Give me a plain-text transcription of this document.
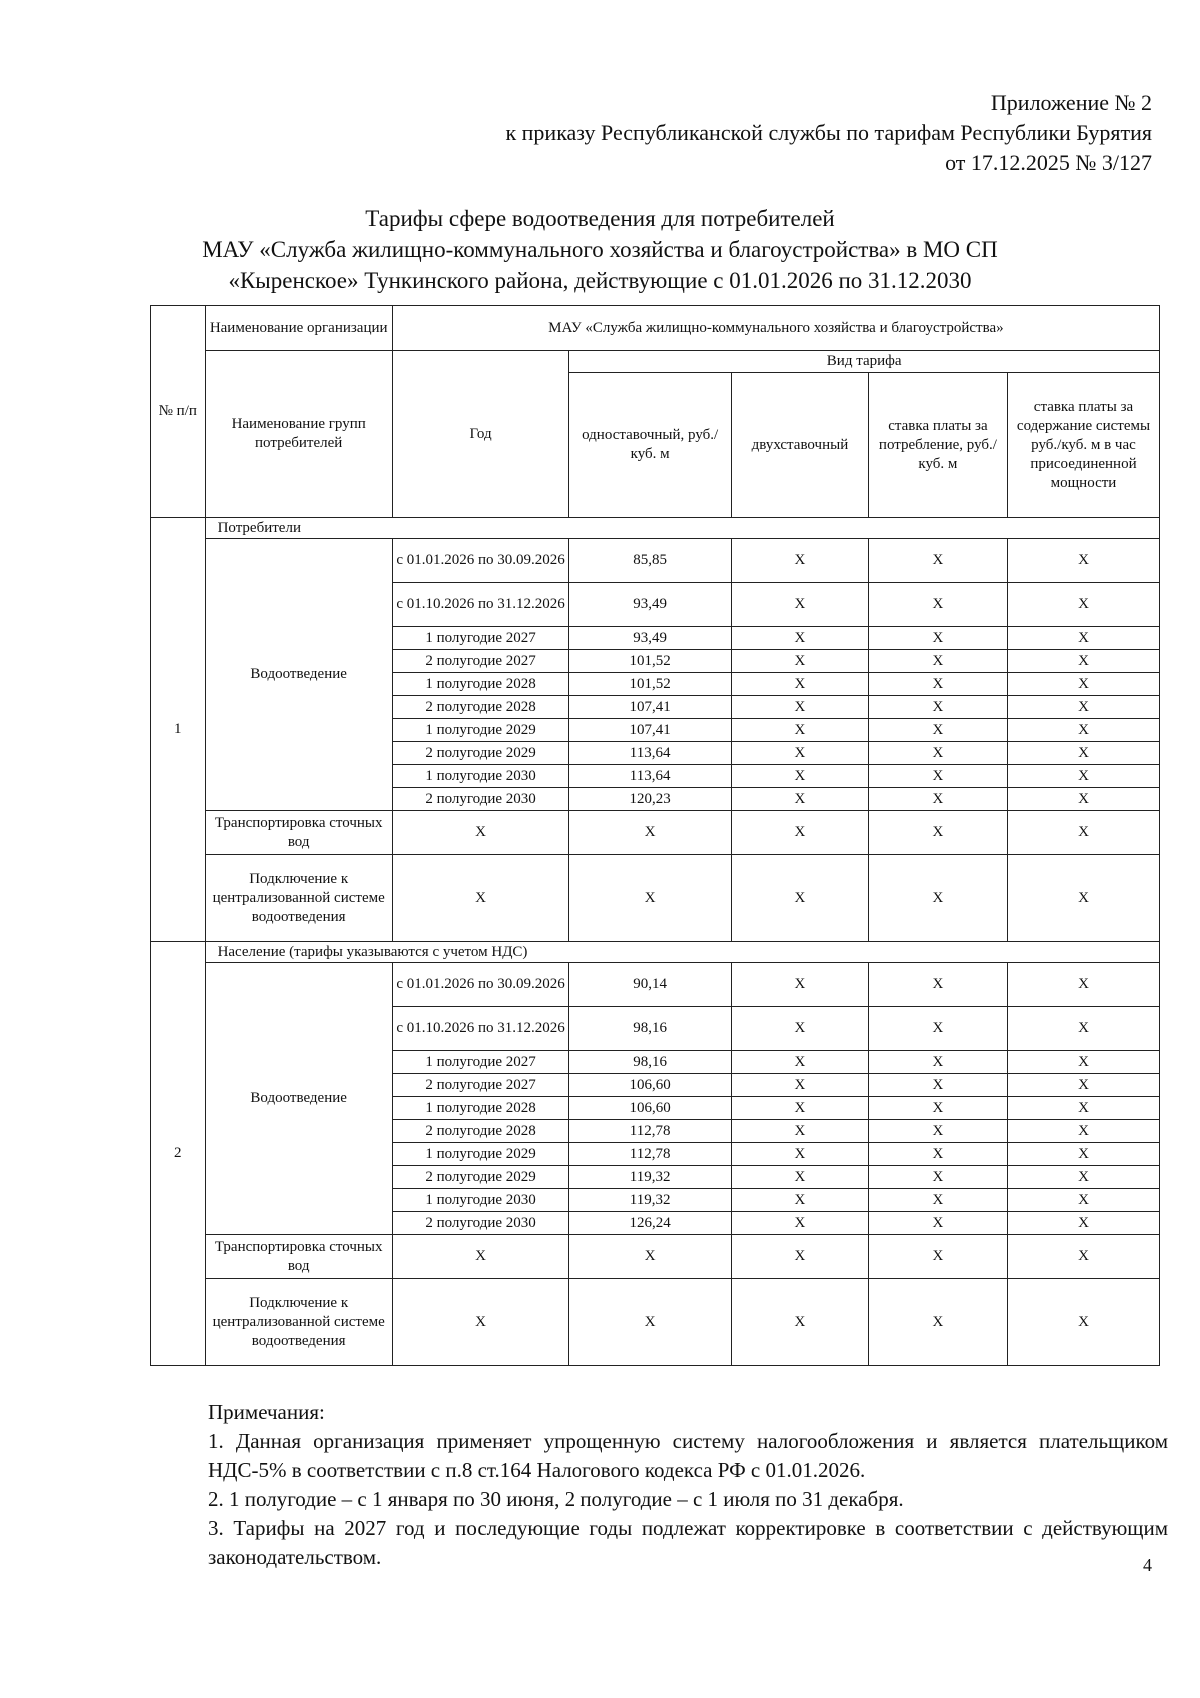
Приложение № 2
к приказу Республиканской службы по тарифам Республики Бурятия
от 17.12.2025 № 3/127
Тарифы сфере водоотведения для потребителей
МАУ «Служба жилищно-коммунального хозяйства и благоустройства» в МО СП
«Кыренское» Тункинского района, действующие с 01.01.2026 по 31.12.2030
№ п/п	Наименование организации	МАУ «Служба жилищно-коммунального хозяйства и благоустройства»				
	Наименование групп потребителей	Год	Вид тарифа			
			одноставочный, руб./ куб. м	двухставочный	ставка платы за потребление, руб./ куб. м	ставка платы за содержание системы руб./куб. м в час присоединенной мощности
1	Потребители					
	Водоотведение	с 01.01.2026 по 30.09.2026	85,85	X	X	X
		с 01.10.2026 по 31.12.2026	93,49	X	X	X
		1 полугодие 2027	93,49	X	X	X
		2 полугодие 2027	101,52	X	X	X
		1 полугодие 2028	101,52	X	X	X
		2 полугодие 2028	107,41	X	X	X
		1 полугодие 2029	107,41	X	X	X
		2 полугодие 2029	113,64	X	X	X
		1 полугодие 2030	113,64	X	X	X
		2 полугодие 2030	120,23	X	X	X
	Транспортировка сточных вод	X	X	X	X	X
	Подключение к централизованной системе водоотведения	X	X	X	X	X
2	Население (тарифы указываются с учетом НДС)					
	Водоотведение	с 01.01.2026 по 30.09.2026	90,14	X	X	X
		с 01.10.2026 по 31.12.2026	98,16	X	X	X
		1 полугодие 2027	98,16	X	X	X
		2 полугодие 2027	106,60	X	X	X
		1 полугодие 2028	106,60	X	X	X
		2 полугодие 2028	112,78	X	X	X
		1 полугодие 2029	112,78	X	X	X
		2 полугодие 2029	119,32	X	X	X
		1 полугодие 2030	119,32	X	X	X
		2 полугодие 2030	126,24	X	X	X
	Транспортировка сточных вод	X	X	X	X	X
	Подключение к централизованной системе водоотведения	X	X	X	X	X
Примечания:
1. Данная организация применяет упрощенную систему налогообложения и является плательщиком НДС-5% в соответствии с п.8 ст.164 Налогового кодекса РФ с 01.01.2026.
2. 1 полугодие – с 1 января по 30 июня, 2 полугодие – с 1 июля по 31 декабря.
3. Тарифы на 2027 год и последующие годы подлежат корректировке в соответствии с действующим законодательством.	4
